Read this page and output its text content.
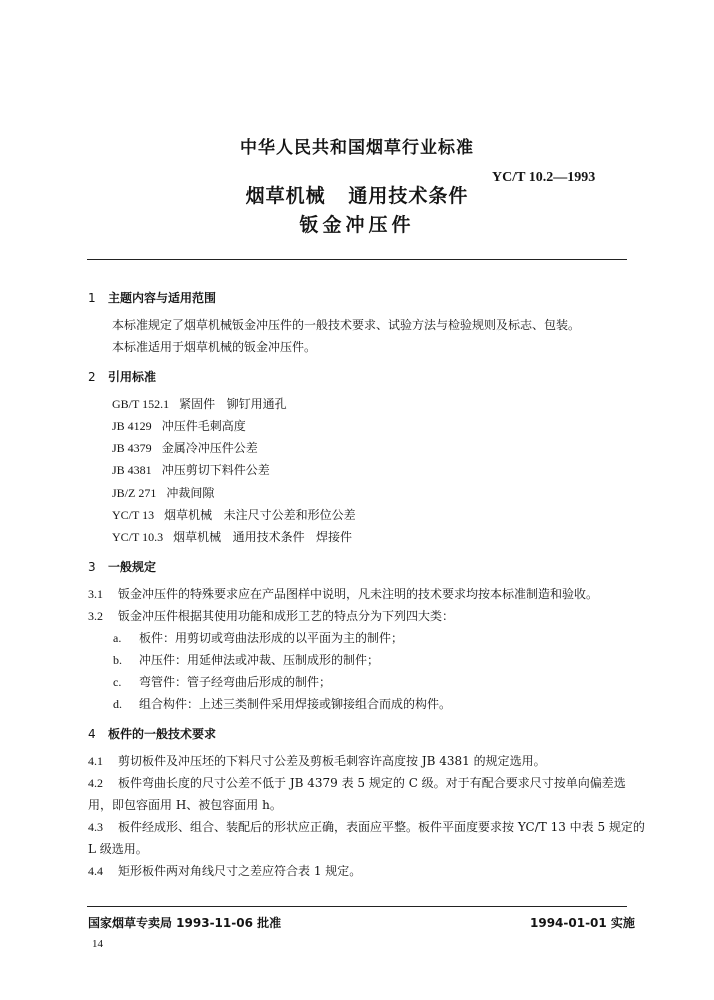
中华人民共和国烟草行业标准
YC/T 10.2—1993
烟草机械   通用技术条件
钣金冲压件
1 主题内容与适用范围
本标准规定了烟草机械钣金冲压件的一般技术要求、试验方法与检验规则及标志、包装。
本标准适用于烟草机械的钣金冲压件。
2 引用标准
GB/T 152.1 紧固件   铆钉用通孔
JB 4129 冲压件毛刺高度
JB 4379 金属冷冲压件公差
JB 4381 冲压剪切下料件公差
JB/Z 271 冲裁间隙
YC/T 13 烟草机械   未注尺寸公差和形位公差
YC/T 10.3 烟草机械   通用技术条件   焊接件
3 一般规定
3.1 钣金冲压件的特殊要求应在产品图样中说明，凡未注明的技术要求均按本标准制造和验收。
3.2 钣金冲压件根据其使用功能和成形工艺的特点分为下列四大类：
a. 板件：用剪切或弯曲法形成的以平面为主的制件；
b. 冲压件：用延伸法或冲裁、压制成形的制件；
c. 弯管件：管子经弯曲后形成的制件；
d. 组合构件：上述三类制件采用焊接或铆接组合而成的构件。
4 板件的一般技术要求
4.1 剪切板件及冲压坯的下料尺寸公差及剪板毛刺容许高度按 JB 4381 的规定选用。
4.2 板件弯曲长度的尺寸公差不低于 JB 4379 表 5 规定的 C 级。对于有配合要求尺寸按单向偏差选
用，即包容面用 H、被包容面用 h。
4.3 板件经成形、组合、装配后的形状应正确，表面应平整。板件平面度要求按 YC/T 13 中表 5 规定的
L 级选用。
4.4 矩形板件两对角线尺寸之差应符合表 1 规定。
国家烟草专卖局 1993-11-06 批准	1994-01-01 实施
14
